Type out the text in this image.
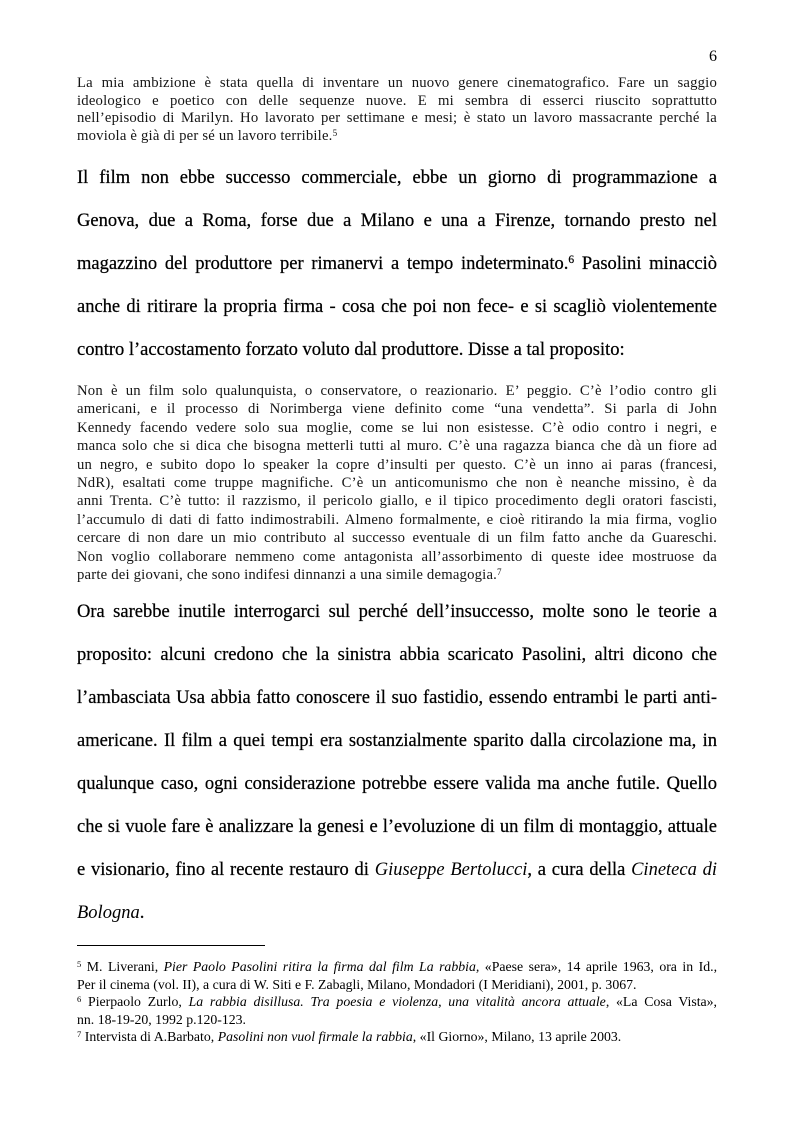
6
La mia ambizione è stata quella di inventare un nuovo genere cinematografico. Fare un saggio
ideologico e poetico con delle sequenze nuove. E mi sembra di esserci riuscito soprattutto
nell’episodio di Marilyn. Ho lavorato per settimane e mesi; è stato un lavoro massacrante perché la
moviola è già di per sé un lavoro terribile.$^5$
Il film non ebbe successo commerciale, ebbe un giorno di programmazione a
Genova, due a Roma, forse due a Milano e una a Firenze, tornando presto nel
magazzino del produttore per rimanervi a tempo indeterminato.$^6$ Pasolini minacciò
anche di ritirare la propria firma - cosa che poi non fece- e si scagliò violentemente
contro l’accostamento forzato voluto dal produttore. Disse a tal proposito:
Non è un film solo qualunquista, o conservatore, o reazionario. E’ peggio. C’è l’odio contro gli
americani, e il processo di Norimberga viene definito come “una vendetta”. Si parla di John
Kennedy facendo vedere solo sua moglie, come se lui non esistesse. C’è odio contro i negri, e
manca solo che si dica che bisogna metterli tutti al muro. C’è una ragazza bianca che dà un fiore ad
un negro, e subito dopo lo speaker la copre d’insulti per questo. C’è un inno ai paras (francesi,
NdR), esaltati come truppe magnifiche. C’è un anticomunismo che non è neanche missino, è da
anni Trenta. C’è tutto: il razzismo, il pericolo giallo, e il tipico procedimento degli oratori fascisti,
l’accumulo di dati di fatto indimostrabili. Almeno formalmente, e cioè ritirando la mia firma, voglio
cercare di non dare un mio contributo al successo eventuale di un film fatto anche da Guareschi.
Non voglio collaborare nemmeno come antagonista all’assorbimento di queste idee mostruose da
parte dei giovani, che sono indifesi dinnanzi a una simile demagogia.$^7$
Ora sarebbe inutile interrogarci sul perché dell’insuccesso, molte sono le teorie a
proposito: alcuni credono che la sinistra abbia scaricato Pasolini, altri dicono che
l’ambasciata Usa abbia fatto conoscere il suo fastidio, essendo entrambi le parti anti-
americane. Il film a quei tempi era sostanzialmente sparito dalla circolazione ma, in
qualunque caso, ogni considerazione potrebbe essere valida ma anche futile. Quello
che si vuole fare è analizzare la genesi e l’evoluzione di un film di montaggio, attuale
e visionario, fino al recente restauro di Giuseppe Bertolucci, a cura della Cineteca di
Bologna.
$^5$ M. Liverani, Pier Paolo Pasolini ritira la firma dal film La rabbia, «Paese sera», 14 aprile 1963, ora in Id.,
Per il cinema (vol. II), a cura di W. Siti e F. Zabagli, Milano, Mondadori (I Meridiani), 2001, p. 3067.
$^6$ Pierpaolo Zurlo, La rabbia disillusa. Tra poesia e violenza, una vitalità ancora attuale, «La Cosa Vista»,
nn. 18-19-20, 1992 p.120-123.
$^7$ Intervista di A.Barbato, Pasolini non vuol firmale la rabbia, «Il Giorno», Milano, 13 aprile 2003.
